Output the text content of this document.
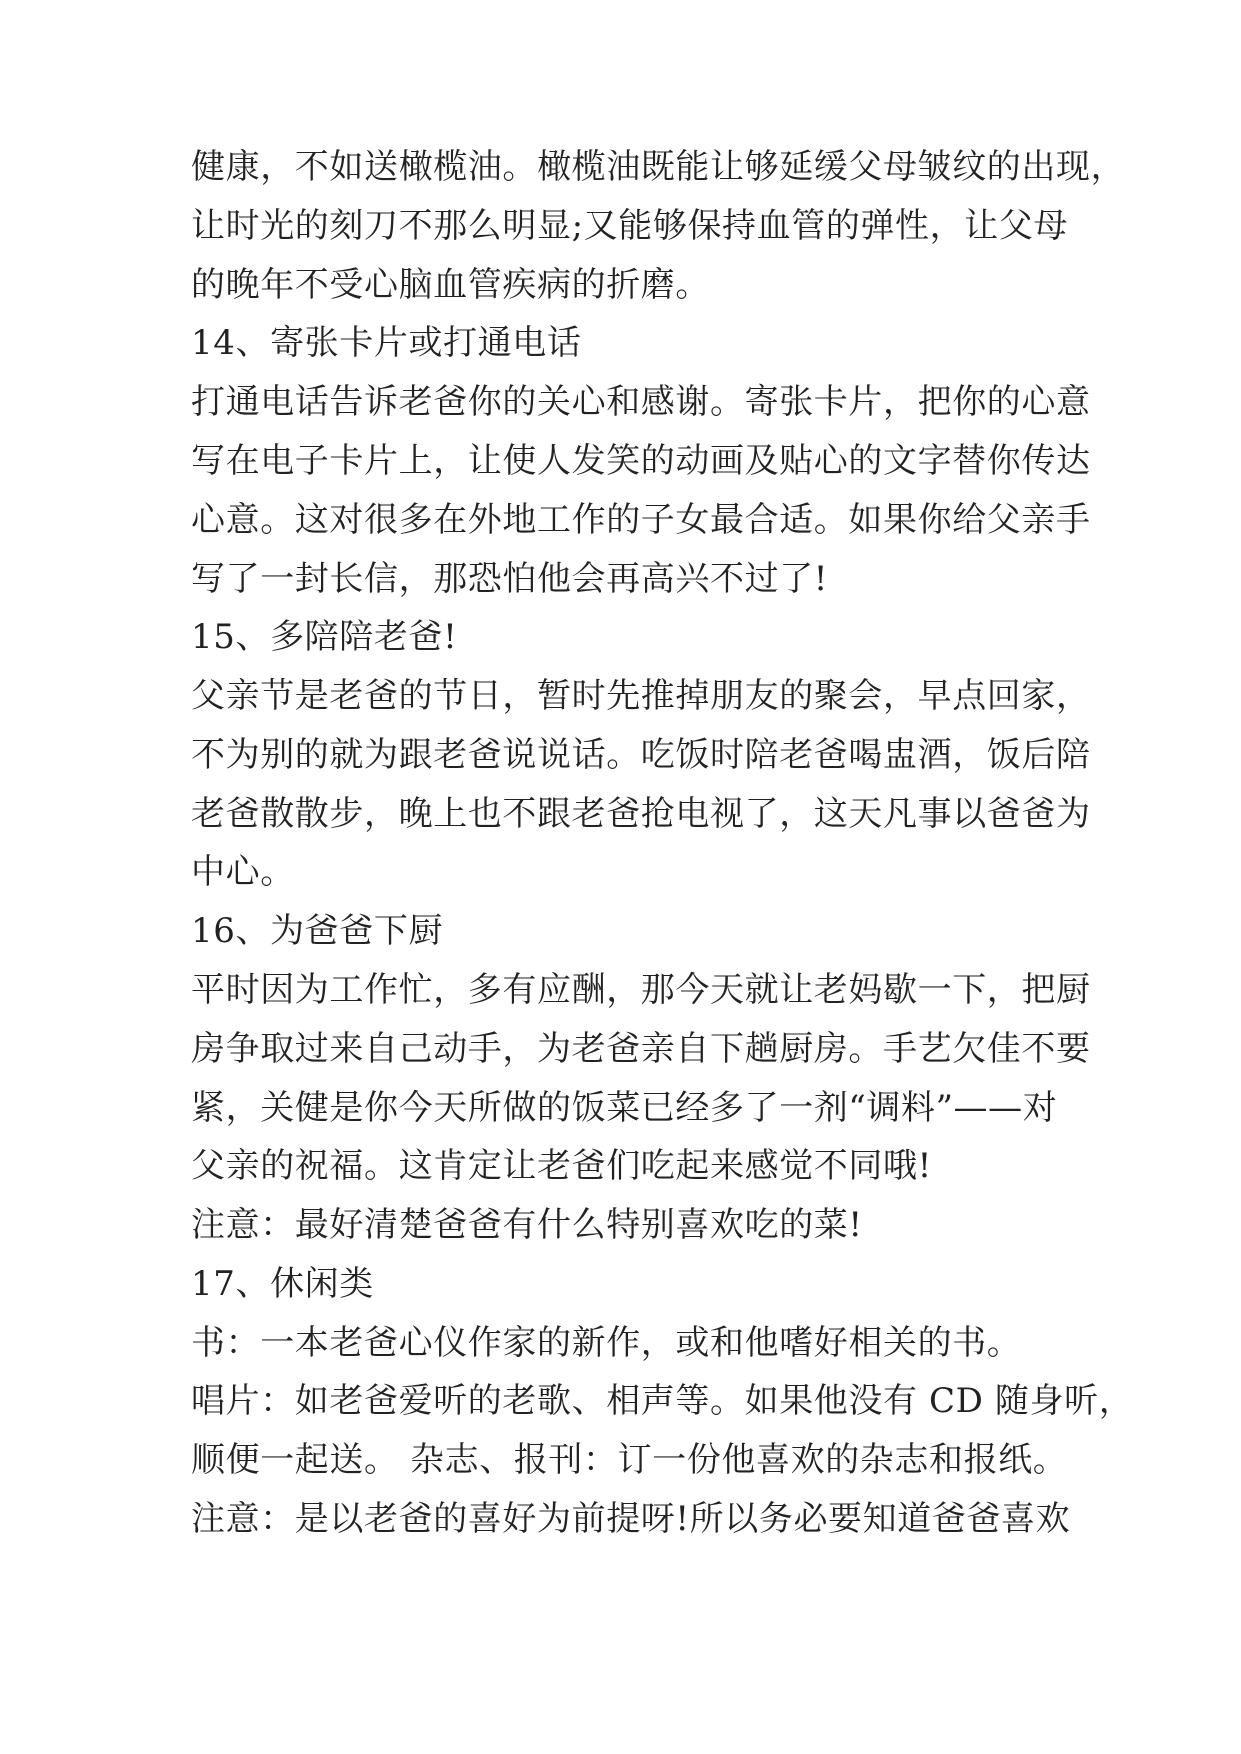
健康，不如送橄榄油。橄榄油既能让够延缓父母皱纹的出现，
让时光的刻刀不那么明显;又能够保持血管的弹性，让父母
的晚年不受心脑血管疾病的折磨。
14、寄张卡片或打通电话
打通电话告诉老爸你的关心和感谢。寄张卡片，把你的心意
写在电子卡片上，让使人发笑的动画及贴心的文字替你传达
心意。这对很多在外地工作的子女最合适。如果你给父亲手
写了一封长信，那恐怕他会再高兴不过了!
15、多陪陪老爸!
父亲节是老爸的节日，暂时先推掉朋友的聚会，早点回家，
不为别的就为跟老爸说说话。吃饭时陪老爸喝盅酒，饭后陪
老爸散散步，晚上也不跟老爸抢电视了，这天凡事以爸爸为
中心。
16、为爸爸下厨
平时因为工作忙，多有应酬，那今天就让老妈歇一下，把厨
房争取过来自己动手，为老爸亲自下趟厨房。手艺欠佳不要
紧，关健是你今天所做的饭菜已经多了一剂“调料”——对
父亲的祝福。这肯定让老爸们吃起来感觉不同哦!
注意：最好清楚爸爸有什么特别喜欢吃的菜!
17、休闲类
书：一本老爸心仪作家的新作，或和他嗜好相关的书。
唱片：如老爸爱听的老歌、相声等。如果他没有 CD 随身听，
顺便一起送。 杂志、报刊：订一份他喜欢的杂志和报纸。
注意：是以老爸的喜好为前提呀!所以务必要知道爸爸喜欢
